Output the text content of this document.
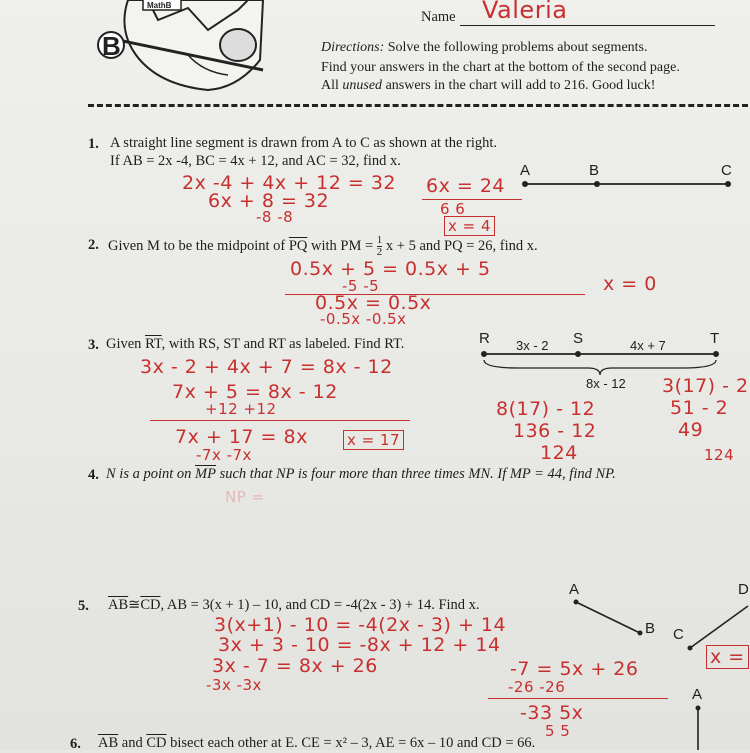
MathB
B
Name Valeria
Directions: Solve the following problems about segments.
Find your answers in the chart at the bottom of the second page.
All unused answers in the chart will add to 216. Good luck!
1. A straight line segment is drawn from A to C as shown at the right.
If AB = 2x -4, BC = 4x + 12, and AC = 32, find x.
A	B	C
2x -4 + 4x + 12 = 32
6x + 8 = 32
-8 -8
6x = 24
6 6
x = 4
2. Given M to be the midpoint of $\overline{PQ}$ with PM = $\frac{1}{2}$ x + 5 and PQ = 26, find x.
0.5x + 5 = 0.5x + 5
-5 -5
0.5x = 0.5x
-0.5x -0.5x
x = 0
3. Given $\overline{RT}$, with RS, ST and RT as labeled. Find RT.	R	S	T
3x - 2	4x + 7
8x - 12
3x - 2 + 4x + 7 = 8x - 12
7x + 5 = 8x - 12
+12 +12
7x + 17 = 8x
-7x -7x
x = 17
8(17) - 12
136 - 12
124
3(17) - 2
51 - 2
49
124
4. N is a point on $\overline{MP}$ such that NP is four more than three times MN. If MP = 44, find NP.
NP =
5. $\overline{AB}≅\overline{CD}$, AB = 3(x + 1) – 10, and CD = -4(2x - 3) + 14. Find x.
A
B C
D
A
3(x+1) - 10 = -4(2x - 3) + 14
3x + 3 - 10 = -8x + 12 + 14
3x - 7 = 8x + 26
-3x -3x
-7 = 5x + 26
-26 -26
-33 5x
5 5
x =
6. $\overline{AB}$ and $\overline{CD}$ bisect each other at E. CE = x² – 3, AE = 6x – 10 and CD = 66.
